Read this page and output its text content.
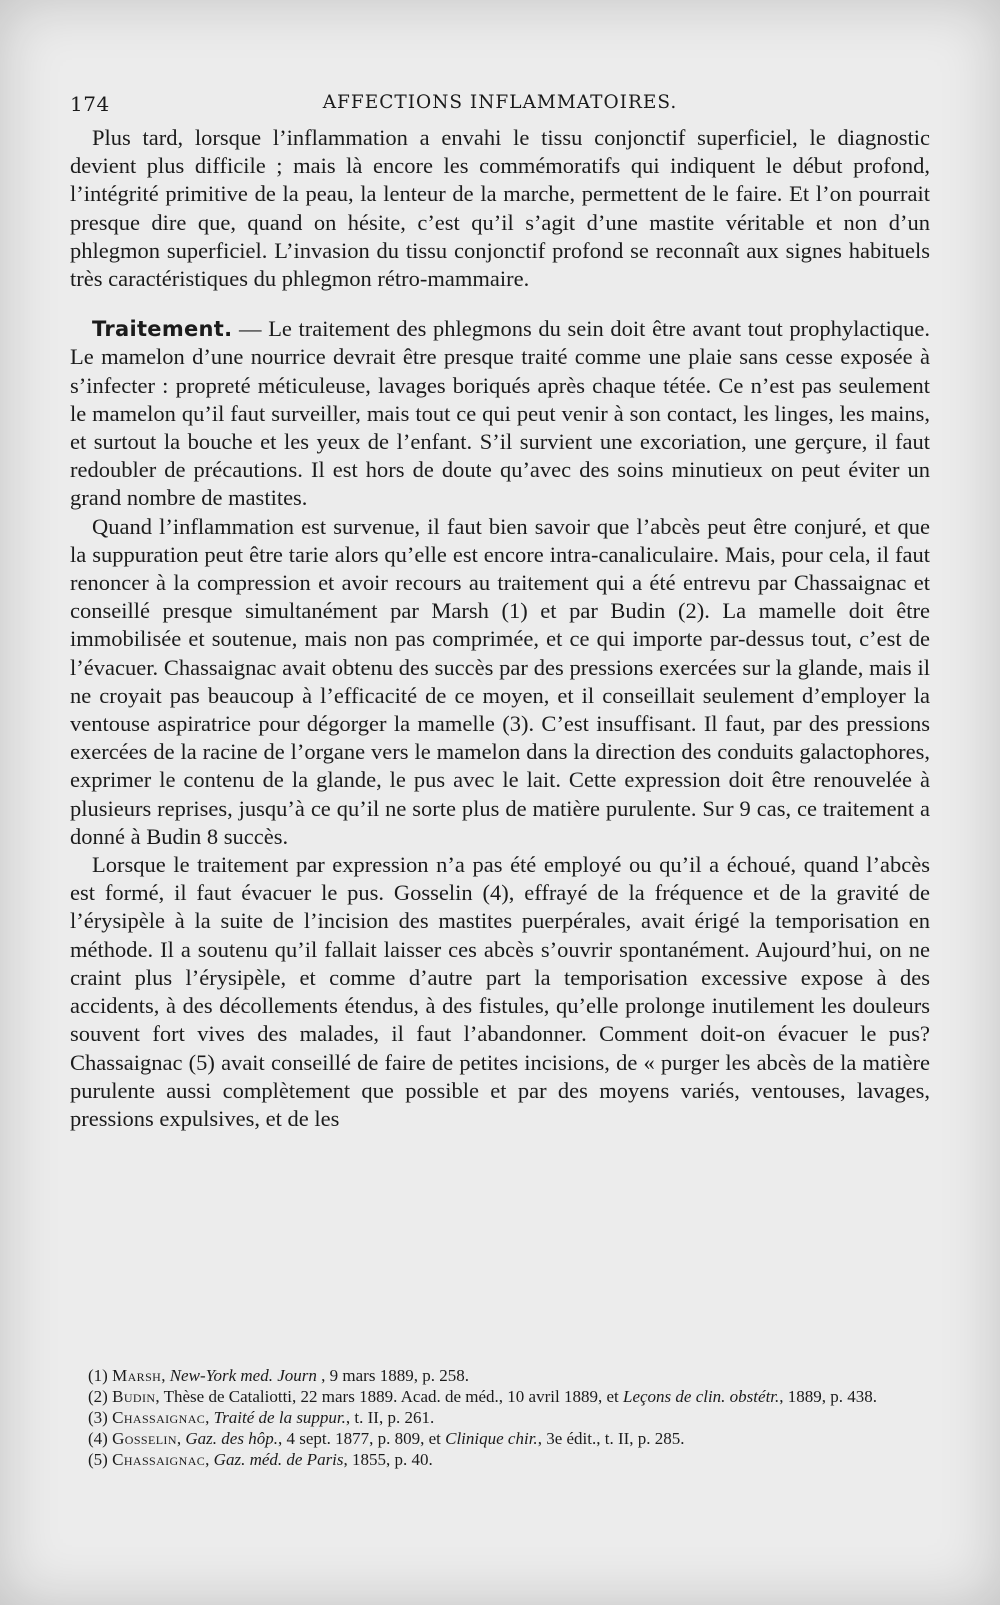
174	AFFECTIONS INFLAMMATOIRES.

Plus tard, lorsque l’inflammation a envahi le tissu conjonctif superficiel, le diagnostic devient plus difficile ; mais là encore les commémoratifs qui indiquent le début profond, l’intégrité primitive de la peau, la lenteur de la marche, permettent de le faire. Et l’on pourrait presque dire que, quand on hésite, c’est qu’il s’agit d’une mastite véritable et non d’un phlegmon superficiel. L’invasion du tissu conjonctif profond se reconnaît aux signes habituels très caractéristiques du phlegmon rétro-mammaire.

Traitement. — Le traitement des phlegmons du sein doit être avant tout prophylactique. Le mamelon d’une nourrice devrait être presque traité comme une plaie sans cesse exposée à s’infecter : propreté méticuleuse, lavages boriqués après chaque tétée. Ce n’est pas seulement le mamelon qu’il faut surveiller, mais tout ce qui peut venir à son contact, les linges, les mains, et surtout la bouche et les yeux de l’enfant. S’il survient une excoriation, une gerçure, il faut redoubler de précautions. Il est hors de doute qu’avec des soins minutieux on peut éviter un grand nombre de mastites.

Quand l’inflammation est survenue, il faut bien savoir que l’abcès peut être conjuré, et que la suppuration peut être tarie alors qu’elle est encore intra-canaliculaire. Mais, pour cela, il faut renoncer à la compression et avoir recours au traitement qui a été entrevu par Chassaignac et conseillé presque simultanément par Marsh (1) et par Budin (2). La mamelle doit être immobilisée et soutenue, mais non pas comprimée, et ce qui importe par-dessus tout, c’est de l’évacuer. Chassaignac avait obtenu des succès par des pressions exercées sur la glande, mais il ne croyait pas beaucoup à l’efficacité de ce moyen, et il conseillait seulement d’employer la ventouse aspiratrice pour dégorger la mamelle (3). C’est insuffisant. Il faut, par des pressions exercées de la racine de l’organe vers le mamelon dans la direction des conduits galactophores, exprimer le contenu de la glande, le pus avec le lait. Cette expression doit être renouvelée à plusieurs reprises, jusqu’à ce qu’il ne sorte plus de matière purulente. Sur 9 cas, ce traitement a donné à Budin 8 succès.

Lorsque le traitement par expression n’a pas été employé ou qu’il a échoué, quand l’abcès est formé, il faut évacuer le pus. Gosselin (4), effrayé de la fréquence et de la gravité de l’érysipèle à la suite de l’incision des mastites puerpérales, avait érigé la temporisation en méthode. Il a soutenu qu’il fallait laisser ces abcès s’ouvrir spontanément. Aujourd’hui, on ne craint plus l’érysipèle, et comme d’autre part la temporisation excessive expose à des accidents, à des décollements étendus, à des fistules, qu’elle prolonge inutilement les douleurs souvent fort vives des malades, il faut l’abandonner. Comment doit-on évacuer le pus? Chassaignac (5) avait conseillé de faire de petites incisions, de « purger les abcès de la matière purulente aussi complètement que possible et par des moyens variés, ventouses, lavages, pressions expulsives, et de les

(1) Marsh, New-York med. Journ , 9 mars 1889, p. 258.

(2) Budin, Thèse de Cataliotti, 22 mars 1889. Acad. de méd., 10 avril 1889, et Leçons de clin. obstétr., 1889, p. 438.

(3) Chassaignac, Traité de la suppur., t. II, p. 261.

(4) Gosselin, Gaz. des hôp., 4 sept. 1877, p. 809, et Clinique chir., 3e édit., t. II, p. 285.

(5) Chassaignac, Gaz. méd. de Paris, 1855, p. 40.
